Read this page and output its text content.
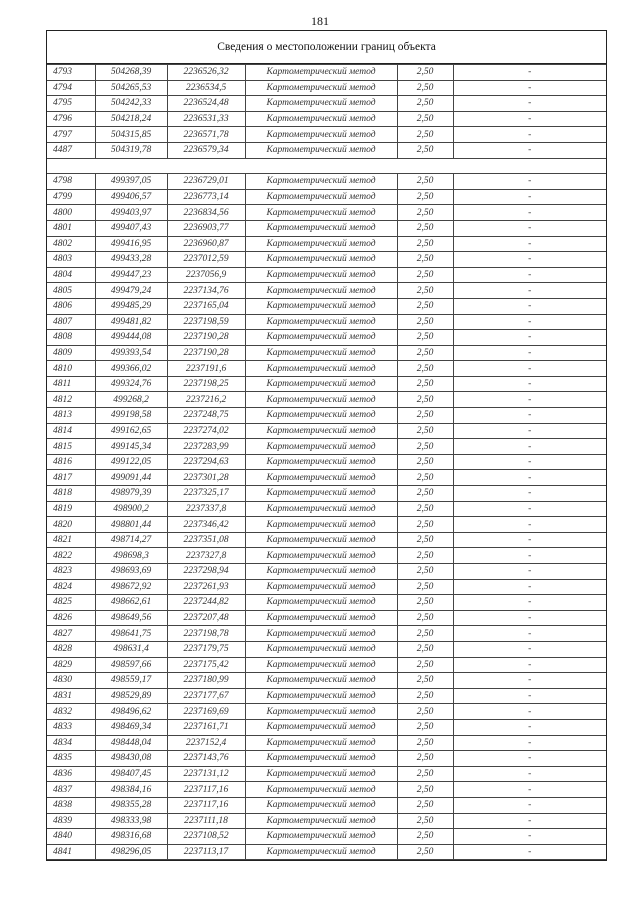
181
Сведения о местоположении границ объекта
4793	504268,39	2236526,32	Картометрический метод	2,50	-
4794	504265,53	2236534,5	Картометрический метод	2,50	-
4795	504242,33	2236524,48	Картометрический метод	2,50	-
4796	504218,24	2236531,33	Картометрический метод	2,50	-
4797	504315,85	2236571,78	Картометрический метод	2,50	-
4487	504319,78	2236579,34	Картометрический метод	2,50	-

4798	499397,05	2236729,01	Картометрический метод	2,50	-
4799	499406,57	2236773,14	Картометрический метод	2,50	-
4800	499403,97	2236834,56	Картометрический метод	2,50	-
4801	499407,43	2236903,77	Картометрический метод	2,50	-
4802	499416,95	2236960,87	Картометрический метод	2,50	-
4803	499433,28	2237012,59	Картометрический метод	2,50	-
4804	499447,23	2237056,9	Картометрический метод	2,50	-
4805	499479,24	2237134,76	Картометрический метод	2,50	-
4806	499485,29	2237165,04	Картометрический метод	2,50	-
4807	499481,82	2237198,59	Картометрический метод	2,50	-
4808	499444,08	2237190,28	Картометрический метод	2,50	-
4809	499393,54	2237190,28	Картометрический метод	2,50	-
4810	499366,02	2237191,6	Картометрический метод	2,50	-
4811	499324,76	2237198,25	Картометрический метод	2,50	-
4812	499268,2	2237216,2	Картометрический метод	2,50	-
4813	499198,58	2237248,75	Картометрический метод	2,50	-
4814	499162,65	2237274,02	Картометрический метод	2,50	-
4815	499145,34	2237283,99	Картометрический метод	2,50	-
4816	499122,05	2237294,63	Картометрический метод	2,50	-
4817	499091,44	2237301,28	Картометрический метод	2,50	-
4818	498979,39	2237325,17	Картометрический метод	2,50	-
4819	498900,2	2237337,8	Картометрический метод	2,50	-
4820	498801,44	2237346,42	Картометрический метод	2,50	-
4821	498714,27	2237351,08	Картометрический метод	2,50	-
4822	498698,3	2237327,8	Картометрический метод	2,50	-
4823	498693,69	2237298,94	Картометрический метод	2,50	-
4824	498672,92	2237261,93	Картометрический метод	2,50	-
4825	498662,61	2237244,82	Картометрический метод	2,50	-
4826	498649,56	2237207,48	Картометрический метод	2,50	-
4827	498641,75	2237198,78	Картометрический метод	2,50	-
4828	498631,4	2237179,75	Картометрический метод	2,50	-
4829	498597,66	2237175,42	Картометрический метод	2,50	-
4830	498559,17	2237180,99	Картометрический метод	2,50	-
4831	498529,89	2237177,67	Картометрический метод	2,50	-
4832	498496,62	2237169,69	Картометрический метод	2,50	-
4833	498469,34	2237161,71	Картометрический метод	2,50	-
4834	498448,04	2237152,4	Картометрический метод	2,50	-
4835	498430,08	2237143,76	Картометрический метод	2,50	-
4836	498407,45	2237131,12	Картометрический метод	2,50	-
4837	498384,16	2237117,16	Картометрический метод	2,50	-
4838	498355,28	2237117,16	Картометрический метод	2,50	-
4839	498333,98	2237111,18	Картометрический метод	2,50	-
4840	498316,68	2237108,52	Картометрический метод	2,50	-
4841	498296,05	2237113,17	Картометрический метод	2,50	-
